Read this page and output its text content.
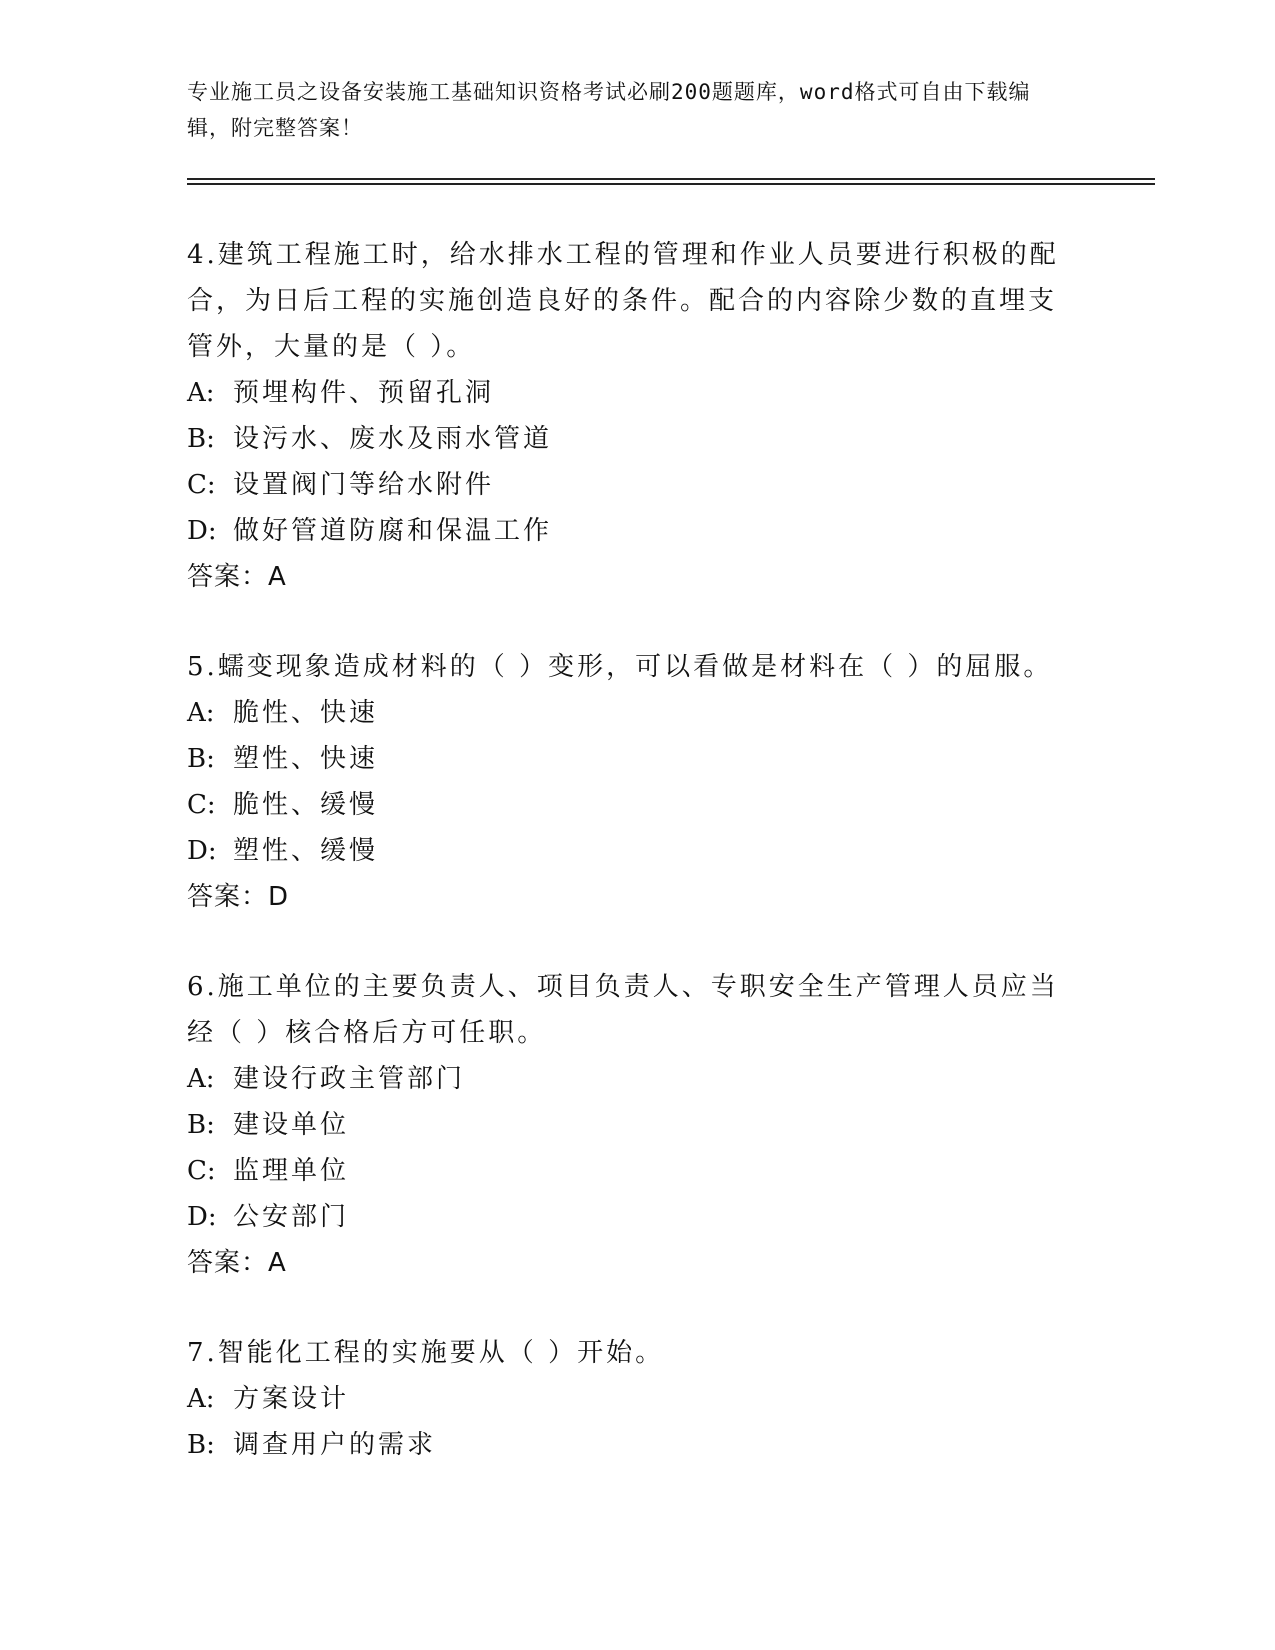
专业施工员之设备安装施工基础知识资格考试必刷200题题库，word格式可自由下载编辑，附完整答案！

4.建筑工程施工时，给水排水工程的管理和作业人员要进行积极的配合，为日后工程的实施创造良好的条件。配合的内容除少数的直埋支管外，大量的是（ ）。

A: 预埋构件、预留孔洞
B: 设污水、废水及雨水管道
C: 设置阀门等给水附件
D: 做好管道防腐和保温工作
答案：A

5.蠕变现象造成材料的（ ）变形，可以看做是材料在（ ）的屈服。

A: 脆性、快速
B: 塑性、快速
C: 脆性、缓慢
D: 塑性、缓慢
答案：D

6.施工单位的主要负责人、项目负责人、专职安全生产管理人员应当经（ ）核合格后方可任职。

A: 建设行政主管部门
B: 建设单位
C: 监理单位
D: 公安部门
答案：A

7.智能化工程的实施要从（ ）开始。

A: 方案设计
B: 调查用户的需求
